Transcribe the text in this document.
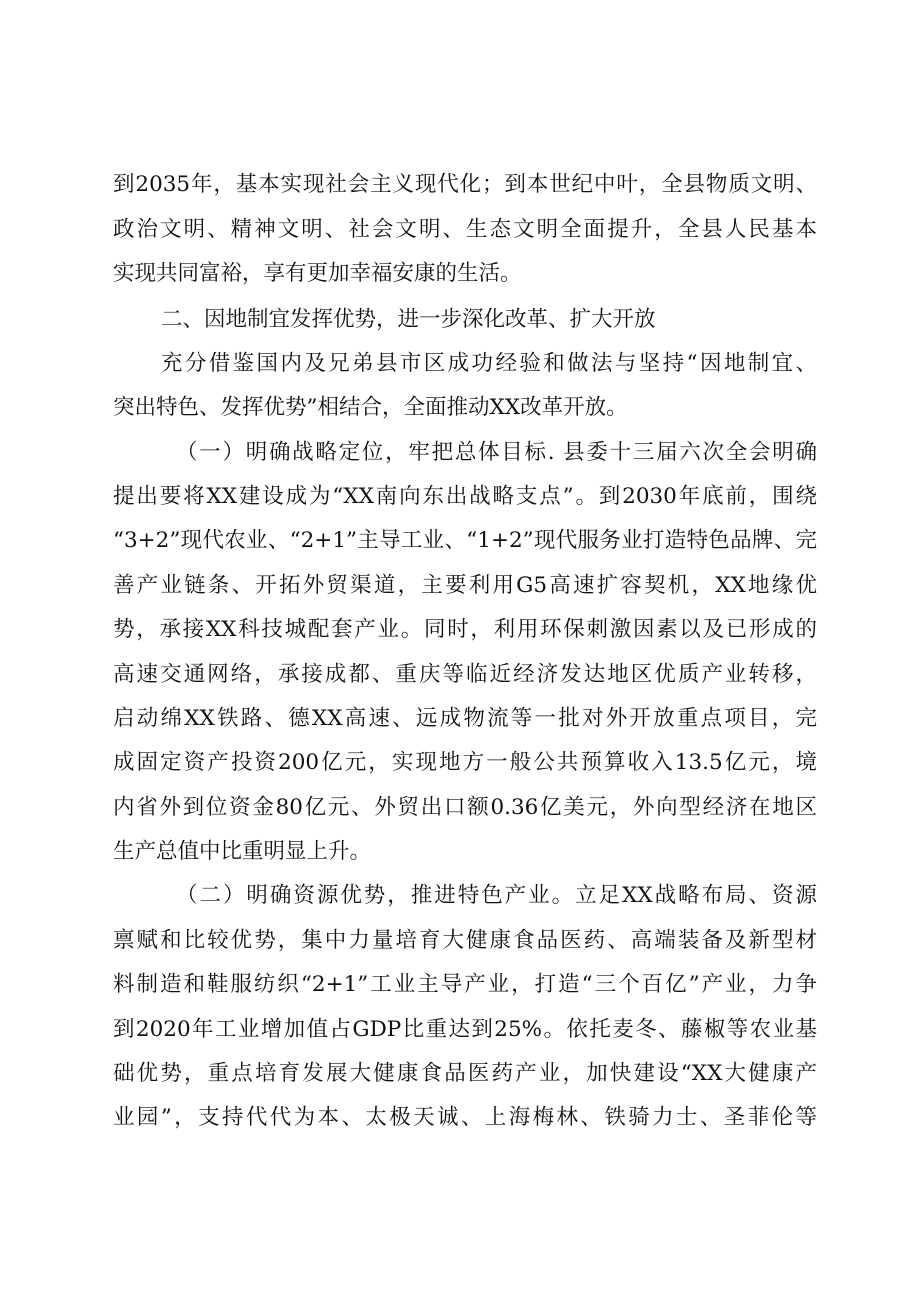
到2035年，基本实现社会主义现代化；到本世纪中叶，全县物质文明、
政治文明、精神文明、社会文明、生态文明全面提升，全县人民基本
实现共同富裕，享有更加幸福安康的生活。
二、因地制宜发挥优势，进一步深化改革、扩大开放
充分借鉴国内及兄弟县市区成功经验和做法与坚持“因地制宜、
突出特色、发挥优势”相结合，全面推动XX改革开放。
（一）明确战略定位，牢把总体目标. 县委十三届六次全会明确
提出要将XX建设成为“XX南向东出战略支点”。到2030年底前，围绕
“3+2”现代农业、“2+1”主导工业、“1+2”现代服务业打造特色品牌、完
善产业链条、开拓外贸渠道，主要利用G5高速扩容契机，XX地缘优
势，承接XX科技城配套产业。同时，利用环保刺激因素以及已形成的
高速交通网络，承接成都、重庆等临近经济发达地区优质产业转移，
启动绵XX铁路、德XX高速、远成物流等一批对外开放重点项目，完
成固定资产投资200亿元，实现地方一般公共预算收入13.5亿元，境
内省外到位资金80亿元、外贸出口额0.36亿美元，外向型经济在地区
生产总值中比重明显上升。
（二）明确资源优势，推进特色产业。立足XX战略布局、资源
禀赋和比较优势，集中力量培育大健康食品医药、高端装备及新型材
料制造和鞋服纺织“2+1”工业主导产业，打造“三个百亿”产业，力争
到2020年工业增加值占GDP比重达到25%。依托麦冬、藤椒等农业基
础优势，重点培育发展大健康食品医药产业，加快建设“XX大健康产
业园”，支持代代为本、太极天诚、上海梅林、铁骑力士、圣菲伦等
